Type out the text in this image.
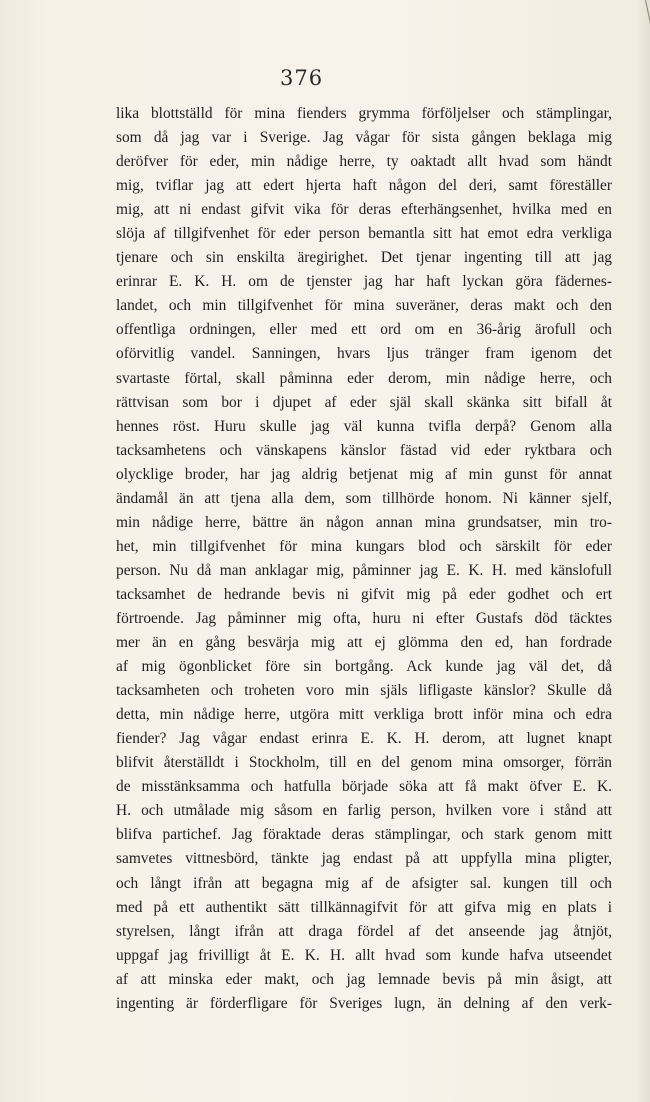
376
lika blottställd för mina fienders grymma förföljelser och stämplingar,
som då jag var i Sverige. Jag vågar för sista gången beklaga mig
deröfver för eder, min nådige herre, ty oaktadt allt hvad som händt
mig, tviflar jag att edert hjerta haft någon del deri, samt föreställer
mig, att ni endast gifvit vika för deras efterhängsenhet, hvilka med en
slöja af tillgifvenhet för eder person bemantla sitt hat emot edra verkliga
tjenare och sin enskilta äregirighet. Det tjenar ingenting till att jag
erinrar E. K. H. om de tjenster jag har haft lyckan göra fädernes-
landet, och min tillgifvenhet för mina suveräner, deras makt och den
offentliga ordningen, eller med ett ord om en 36-årig ärofull och
oförvitlig vandel. Sanningen, hvars ljus tränger fram igenom det
svartaste förtal, skall påminna eder derom, min nådige herre, och
rättvisan som bor i djupet af eder själ skall skänka sitt bifall åt
hennes röst. Huru skulle jag väl kunna tvifla derpå? Genom alla
tacksamhetens och vänskapens känslor fästad vid eder ryktbara och
olycklige broder, har jag aldrig betjenat mig af min gunst för annat
ändamål än att tjena alla dem, som tillhörde honom. Ni känner sjelf,
min nådige herre, bättre än någon annan mina grundsatser, min tro-
het, min tillgifvenhet för mina kungars blod och särskilt för eder
person. Nu då man anklagar mig, påminner jag E. K. H. med känslofull
tacksamhet de hedrande bevis ni gifvit mig på eder godhet och ert
förtroende. Jag påminner mig ofta, huru ni efter Gustafs död täcktes
mer än en gång besvärja mig att ej glömma den ed, han fordrade
af mig ögonblicket före sin bortgång. Ack kunde jag väl det, då
tacksamheten och troheten voro min själs lifligaste känslor? Skulle då
detta, min nådige herre, utgöra mitt verkliga brott inför mina och edra
fiender? Jag vågar endast erinra E. K. H. derom, att lugnet knapt
blifvit återställdt i Stockholm, till en del genom mina omsorger, förrän
de misstänksamma och hatfulla började söka att få makt öfver E. K.
H. och utmålade mig såsom en farlig person, hvilken vore i stånd att
blifva partichef. Jag föraktade deras stämplingar, och stark genom mitt
samvetes vittnesbörd, tänkte jag endast på att uppfylla mina pligter,
och långt ifrån att begagna mig af de afsigter sal. kungen till och
med på ett authentikt sätt tillkännagifvit för att gifva mig en plats i
styrelsen, långt ifrån att draga fördel af det anseende jag åtnjöt,
uppgaf jag frivilligt åt E. K. H. allt hvad som kunde hafva utseendet
af att minska eder makt, och jag lemnade bevis på min åsigt, att
ingenting är förderfligare för Sveriges lugn, än delning af den verk-
